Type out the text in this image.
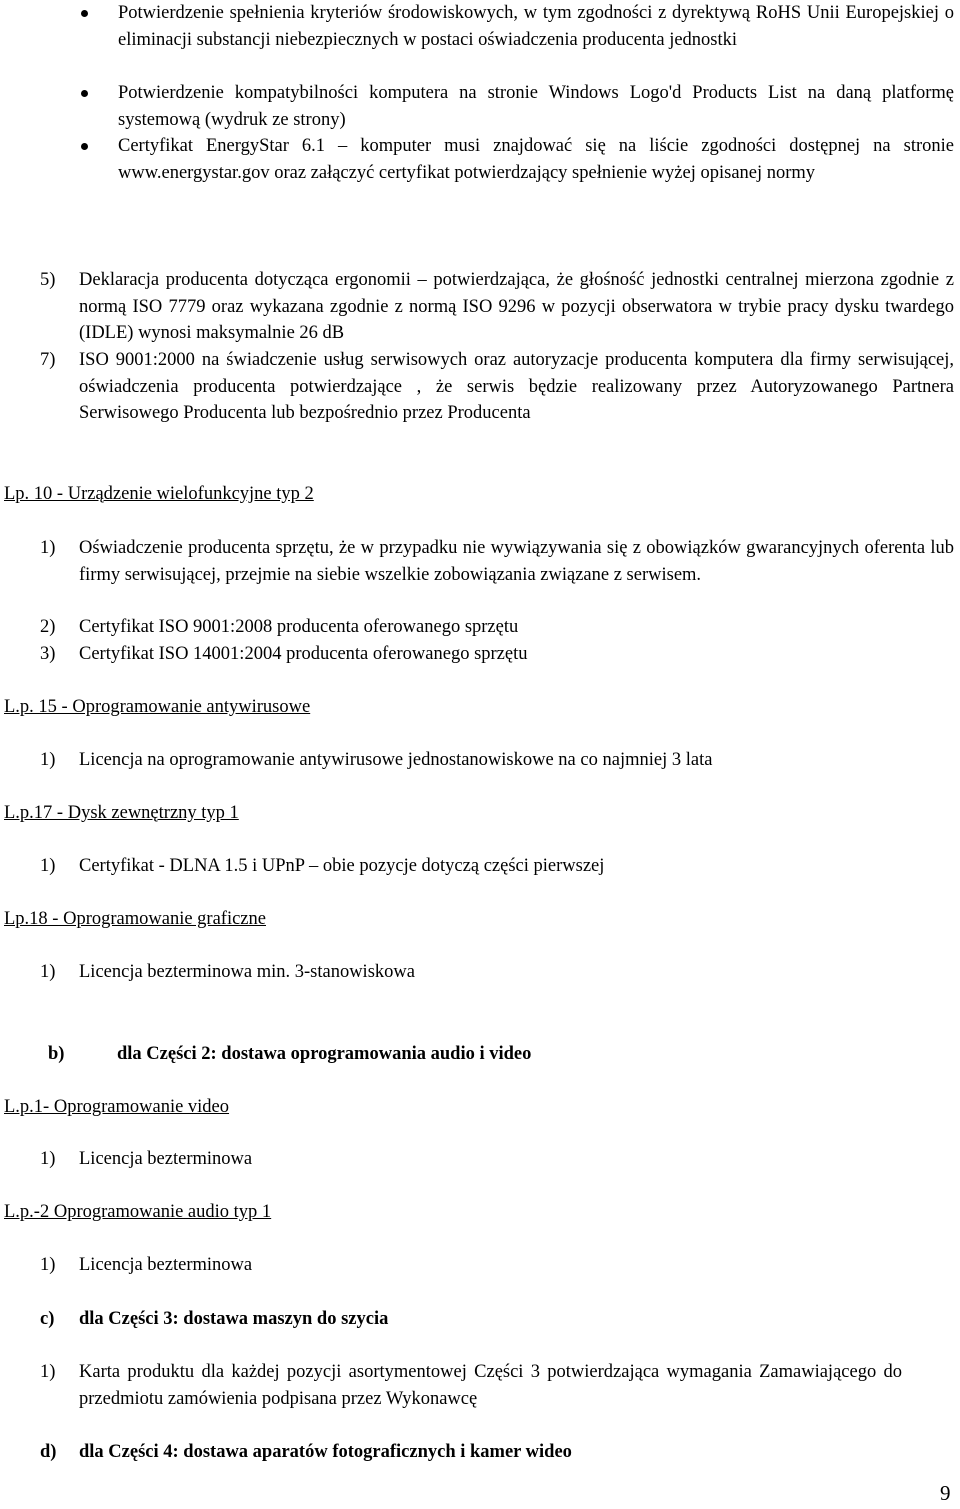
Potwierdzenie spełnienia kryteriów środowiskowych, w tym zgodności z dyrektywą RoHS Unii Europejskiej o eliminacji substancji niebezpiecznych w postaci oświadczenia producenta jednostki
Potwierdzenie kompatybilności komputera na stronie Windows Logo'd Products List na daną platformę systemową (wydruk ze strony)
Certyfikat EnergyStar 6.1 – komputer musi znajdować się na liście zgodności dostępnej na stronie www.energystar.gov oraz załączyć certyfikat potwierdzający spełnienie wyżej opisanej normy
5) Deklaracja producenta dotycząca ergonomii – potwierdzająca, że głośność jednostki centralnej mierzona zgodnie z normą ISO 7779 oraz wykazana zgodnie z normą ISO 9296 w pozycji obserwatora w trybie pracy dysku twardego (IDLE) wynosi maksymalnie 26 dB
7) ISO 9001:2000 na świadczenie usług serwisowych oraz autoryzacje producenta komputera dla firmy serwisującej, oświadczenia producenta potwierdzające , że serwis będzie realizowany przez Autoryzowanego Partnera Serwisowego Producenta lub bezpośrednio przez Producenta
Lp. 10 - Urządzenie wielofunkcyjne typ 2
1) Oświadczenie producenta sprzętu, że w przypadku nie wywiązywania się z obowiązków gwarancyjnych oferenta lub firmy serwisującej, przejmie na siebie wszelkie zobowiązania związane z serwisem.
2) Certyfikat ISO 9001:2008 producenta oferowanego sprzętu
3) Certyfikat ISO 14001:2004 producenta oferowanego sprzętu
L.p. 15 - Oprogramowanie antywirusowe
1) Licencja na oprogramowanie antywirusowe jednostanowiskowe na co najmniej 3 lata
L.p.17 - Dysk zewnętrzny typ 1
1) Certyfikat - DLNA 1.5 i UPnP – obie pozycje dotyczą części pierwszej
Lp.18 - Oprogramowanie graficzne
1) Licencja bezterminowa min. 3-stanowiskowa
b)	dla Części 2: dostawa oprogramowania audio i video
L.p.1- Oprogramowanie video
1) Licencja bezterminowa
L.p.-2 Oprogramowanie audio typ 1
1) Licencja bezterminowa
c) dla Części 3: dostawa maszyn do szycia
1) Karta produktu dla każdej pozycji asortymentowej Części 3 potwierdzająca wymagania Zamawiającego do przedmiotu zamówienia podpisana przez Wykonawcę
d) dla Części 4: dostawa aparatów fotograficznych i kamer wideo
9
